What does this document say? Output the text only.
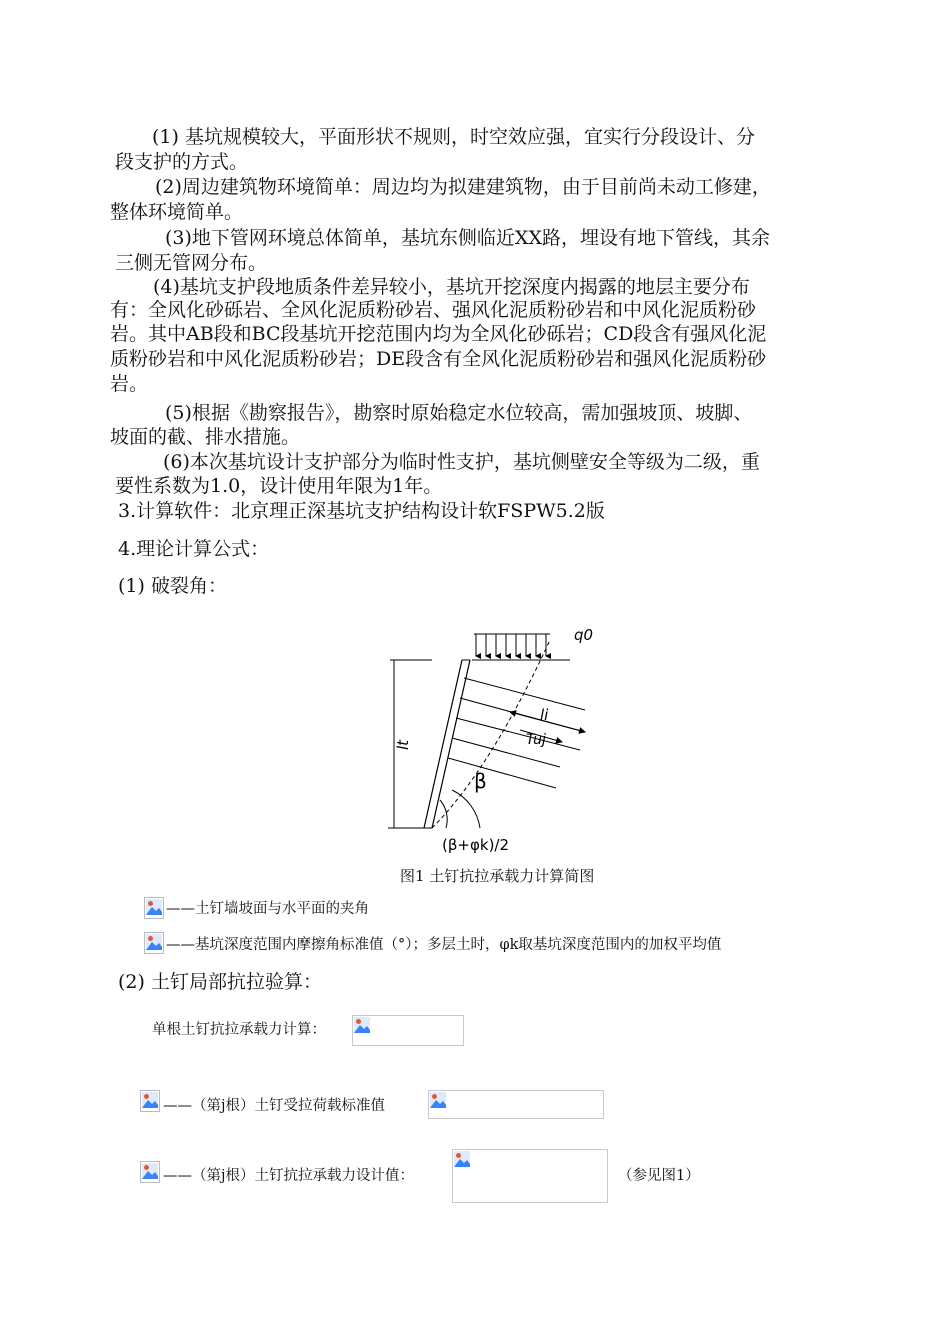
(1) 基坑规模较大，平面形状不规则，时空效应强，宜实行分段设计、分
段支护的方式。
(2)周边建筑物环境简单：周边均为拟建建筑物，由于目前尚未动工修建，
整体环境简单。
(3)地下管网环境总体简单，基坑东侧临近XX路，埋设有地下管线，其余
三侧无管网分布。
(4)基坑支护段地质条件差异较小，基坑开挖深度内揭露的地层主要分布
有：全风化砂砾岩、全风化泥质粉砂岩、强风化泥质粉砂岩和中风化泥质粉砂
岩。其中AB段和BC段基坑开挖范围内均为全风化砂砾岩；CD段含有强风化泥
质粉砂岩和中风化泥质粉砂岩；DE段含有全风化泥质粉砂岩和强风化泥质粉砂
岩。
(5)根据《勘察报告》，勘察时原始稳定水位较高，需加强坡顶、坡脚、
坡面的截、排水措施。
(6)本次基坑设计支护部分为临时性支护，基坑侧壁安全等级为二级，重
要性系数为1.0，设计使用年限为1年。
3.计算软件：北京理正深基坑支护结构设计软FSPW5.2版
4.理论计算公式：
(1) 破裂角：
q0
lt
li
Tuj
β
(β+φk)/2
图1 土钉抗拉承载力计算简图
——土钉墙坡面与水平面的夹角
——基坑深度范围内摩擦角标准值（°）；多层土时，φk取基坑深度范围内的加权平均值
(2) 土钉局部抗拉验算：
单根土钉抗拉承载力计算：
——（第j根）土钉受拉荷载标准值
——（第j根）土钉抗拉承载力设计值：	（参见图1）
